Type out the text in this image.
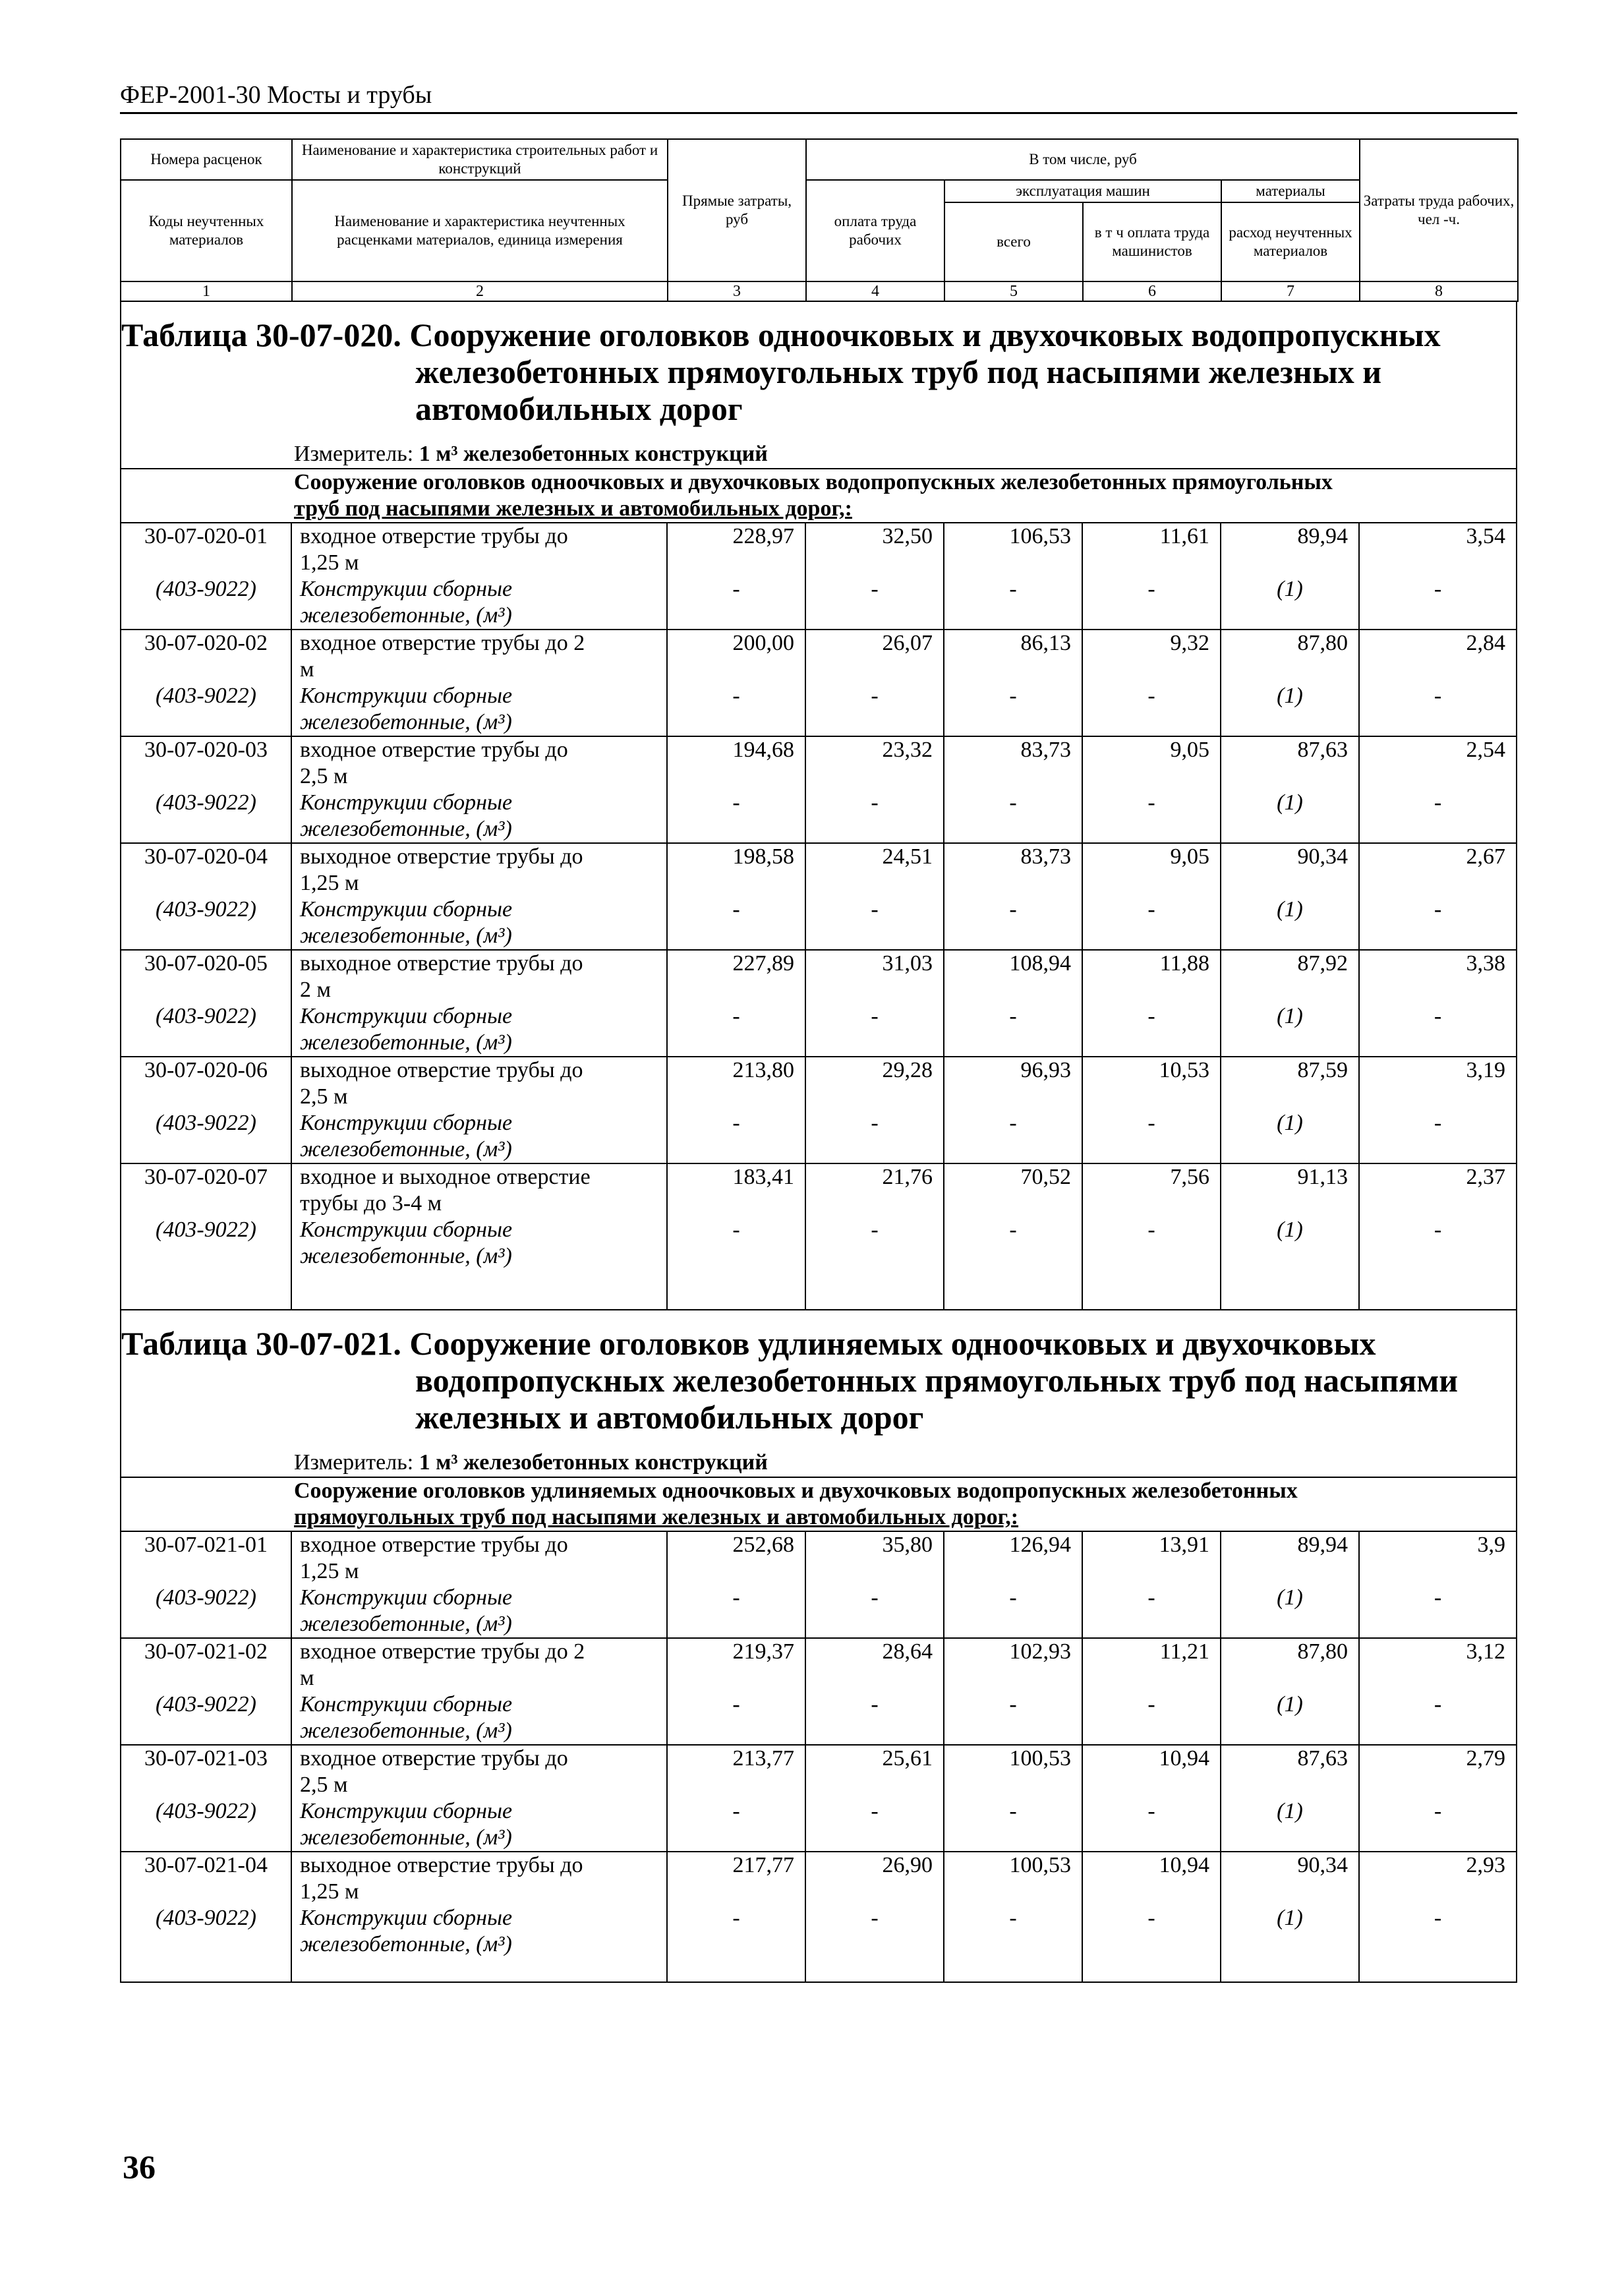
ФЕР-2001-30 Мосты и трубы
Номера расценок	Наименование и характеристика строительных работ и конструкций	Прямые затраты, руб	В том числе, руб				Затраты труда рабочих, чел -ч.
Коды неучтенных материалов	Наименование и характеристика неучтенных расценками материалов, единица измерения		оплата труда рабочих	эксплуатация машин		материалы	
				всего	в т ч оплата труда машинистов	расход неучтенных материалов	
1	2	3	4	5	6	7	8
Таблица 30-07-020. Сооружение оголовков одноочковых и двухочковых водопропускных
железобетонных прямоугольных труб под насыпями железных и
автомобильных дорог
Измеритель: 1 м³ железобетонных конструкций
Сооружение оголовков одноочковых и двухочковых водопропускных железобетонных прямоугольных
труб под насыпями железных и автомобильных дорог,:
30-07-020-01	входное отверстие трубы до
1,25 м	228,97	32,50	106,53	11,61	89,94	3,54
(403-9022)	Конструкции сборные
железобетонные, (м³)	-	-	-	-	(1)	-
30-07-020-02	входное отверстие трубы до 2
м	200,00	26,07	86,13	9,32	87,80	2,84
(403-9022)	Конструкции сборные
железобетонные, (м³)	-	-	-	-	(1)	-
30-07-020-03	входное отверстие трубы до
2,5 м	194,68	23,32	83,73	9,05	87,63	2,54
(403-9022)	Конструкции сборные
железобетонные, (м³)	-	-	-	-	(1)	-
30-07-020-04	выходное отверстие трубы до
1,25 м	198,58	24,51	83,73	9,05	90,34	2,67
(403-9022)	Конструкции сборные
железобетонные, (м³)	-	-	-	-	(1)	-
30-07-020-05	выходное отверстие трубы до
2 м	227,89	31,03	108,94	11,88	87,92	3,38
(403-9022)	Конструкции сборные
железобетонные, (м³)	-	-	-	-	(1)	-
30-07-020-06	выходное отверстие трубы до
2,5 м	213,80	29,28	96,93	10,53	87,59	3,19
(403-9022)	Конструкции сборные
железобетонные, (м³)	-	-	-	-	(1)	-
30-07-020-07	входное и выходное отверстие
трубы до 3-4 м	183,41	21,76	70,52	7,56	91,13	2,37
(403-9022)	Конструкции сборные
железобетонные, (м³)	-	-	-	-	(1)	-

Таблица 30-07-021. Сооружение оголовков удлиняемых одноочковых и двухочковых
водопропускных железобетонных прямоугольных труб под насыпями
железных и автомобильных дорог
Измеритель: 1 м³ железобетонных конструкций
Сооружение оголовков удлиняемых одноочковых и двухочковых водопропускных железобетонных
прямоугольных труб под насыпями железных и автомобильных дорог,:
30-07-021-01	входное отверстие трубы до
1,25 м	252,68	35,80	126,94	13,91	89,94	3,9
(403-9022)	Конструкции сборные
железобетонные, (м³)	-	-	-	-	(1)	-
30-07-021-02	входное отверстие трубы до 2
м	219,37	28,64	102,93	11,21	87,80	3,12
(403-9022)	Конструкции сборные
железобетонные, (м³)	-	-	-	-	(1)	-
30-07-021-03	входное отверстие трубы до
2,5 м	213,77	25,61	100,53	10,94	87,63	2,79
(403-9022)	Конструкции сборные
железобетонные, (м³)	-	-	-	-	(1)	-
30-07-021-04	выходное отверстие трубы до
1,25 м	217,77	26,90	100,53	10,94	90,34	2,93
(403-9022)	Конструкции сборные
железобетонные, (м³)	-	-	-	-	(1)	-

36
